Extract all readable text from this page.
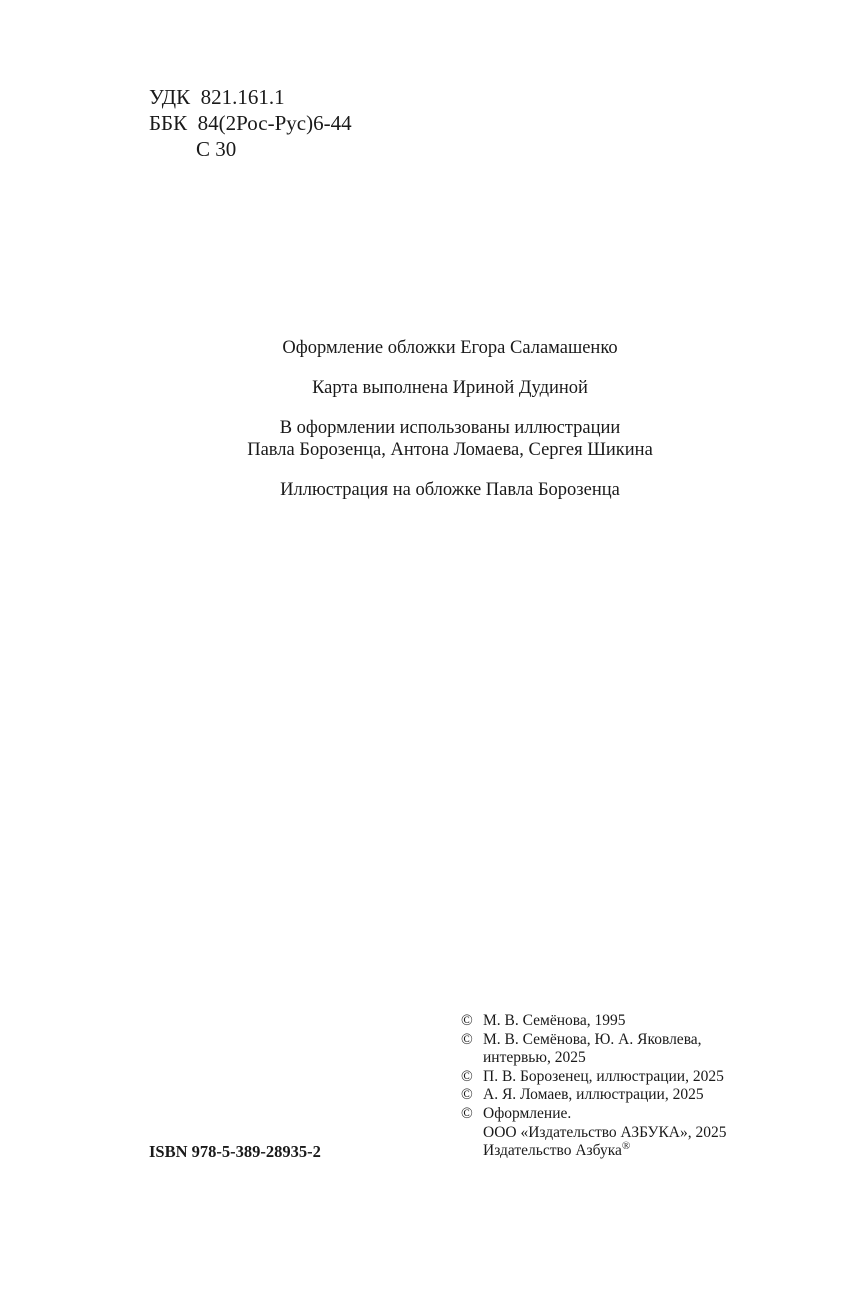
УДК 821.161.1
ББК 84(2Рос-Рус)6-44
С 30

Оформление обложки Егора Саламашенко

Карта выполнена Ириной Дудиной

В оформлении использованы иллюстрации
Павла Борозенца, Антона Ломаева, Сергея Шикина

Иллюстрация на обложке Павла Борозенца

© М. В. Семёнова, 1995
© М. В. Семёнова, Ю. А. Яковлева,
интервью, 2025
© П. В. Борозенец, иллюстрации, 2025
© А. Я. Ломаев, иллюстрации, 2025
© Оформление.
ООО «Издательство АЗБУКА», 2025
Издательство Азбука®
ISBN 978-5-389-28935-2
